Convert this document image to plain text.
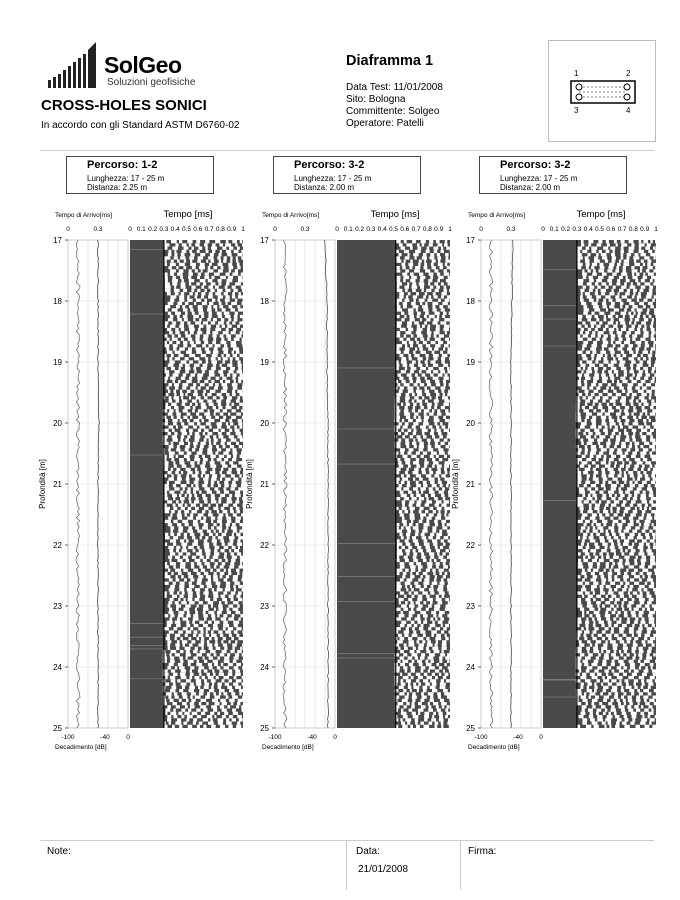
SolGeo
Soluzioni geofisiche
CROSS-HOLES SONICI
In accordo con gli Standard ASTM D6760-02
Diaframma 1
Data Test: 11/01/2008
Sito: Bologna
Committente: Solgeo
Operatore: Patelli
1	2
3	4
Percorso: 1-2
Lunghezza: 17 - 25 m
Distanza: 2.25 m
Percorso: 3-2
Lunghezza: 17 - 25 m
Distanza: 2.00 m
Percorso: 3-2
Lunghezza: 17 - 25 m
Distanza: 2.00 m
Tempo di Arrivo[ms]	Tempo [ms]
0	0.3	0 0.1 0.2 0.3 0.4 0.5 0.6 0.7 0.8 0.9 1
17
18
19
20
21
22
23
24
25
Profondità [m]
-100	-40	0
Decadimento [dB]
Tempo di Arrivo[ms]	Tempo [ms]
0	0.3	0 0.1 0.2 0.3 0.4 0.5 0.6 0.7 0.8 0.9 1
17
18
19
20
21
22
23
24
25
Profondità [m]
-100	-40	0
Decadimento [dB]
Tempo di Arrivo[ms]	Tempo [ms]
0	0.3	0 0.1 0.2 0.3 0.4 0.5 0.6 0.7 0.8 0.9 1
17
18
19
20
21
22
23
24
25
Profondità [m]
-100	-40	0
Decadimento [dB]
Note:	Data:
21/01/2008
Firma:
